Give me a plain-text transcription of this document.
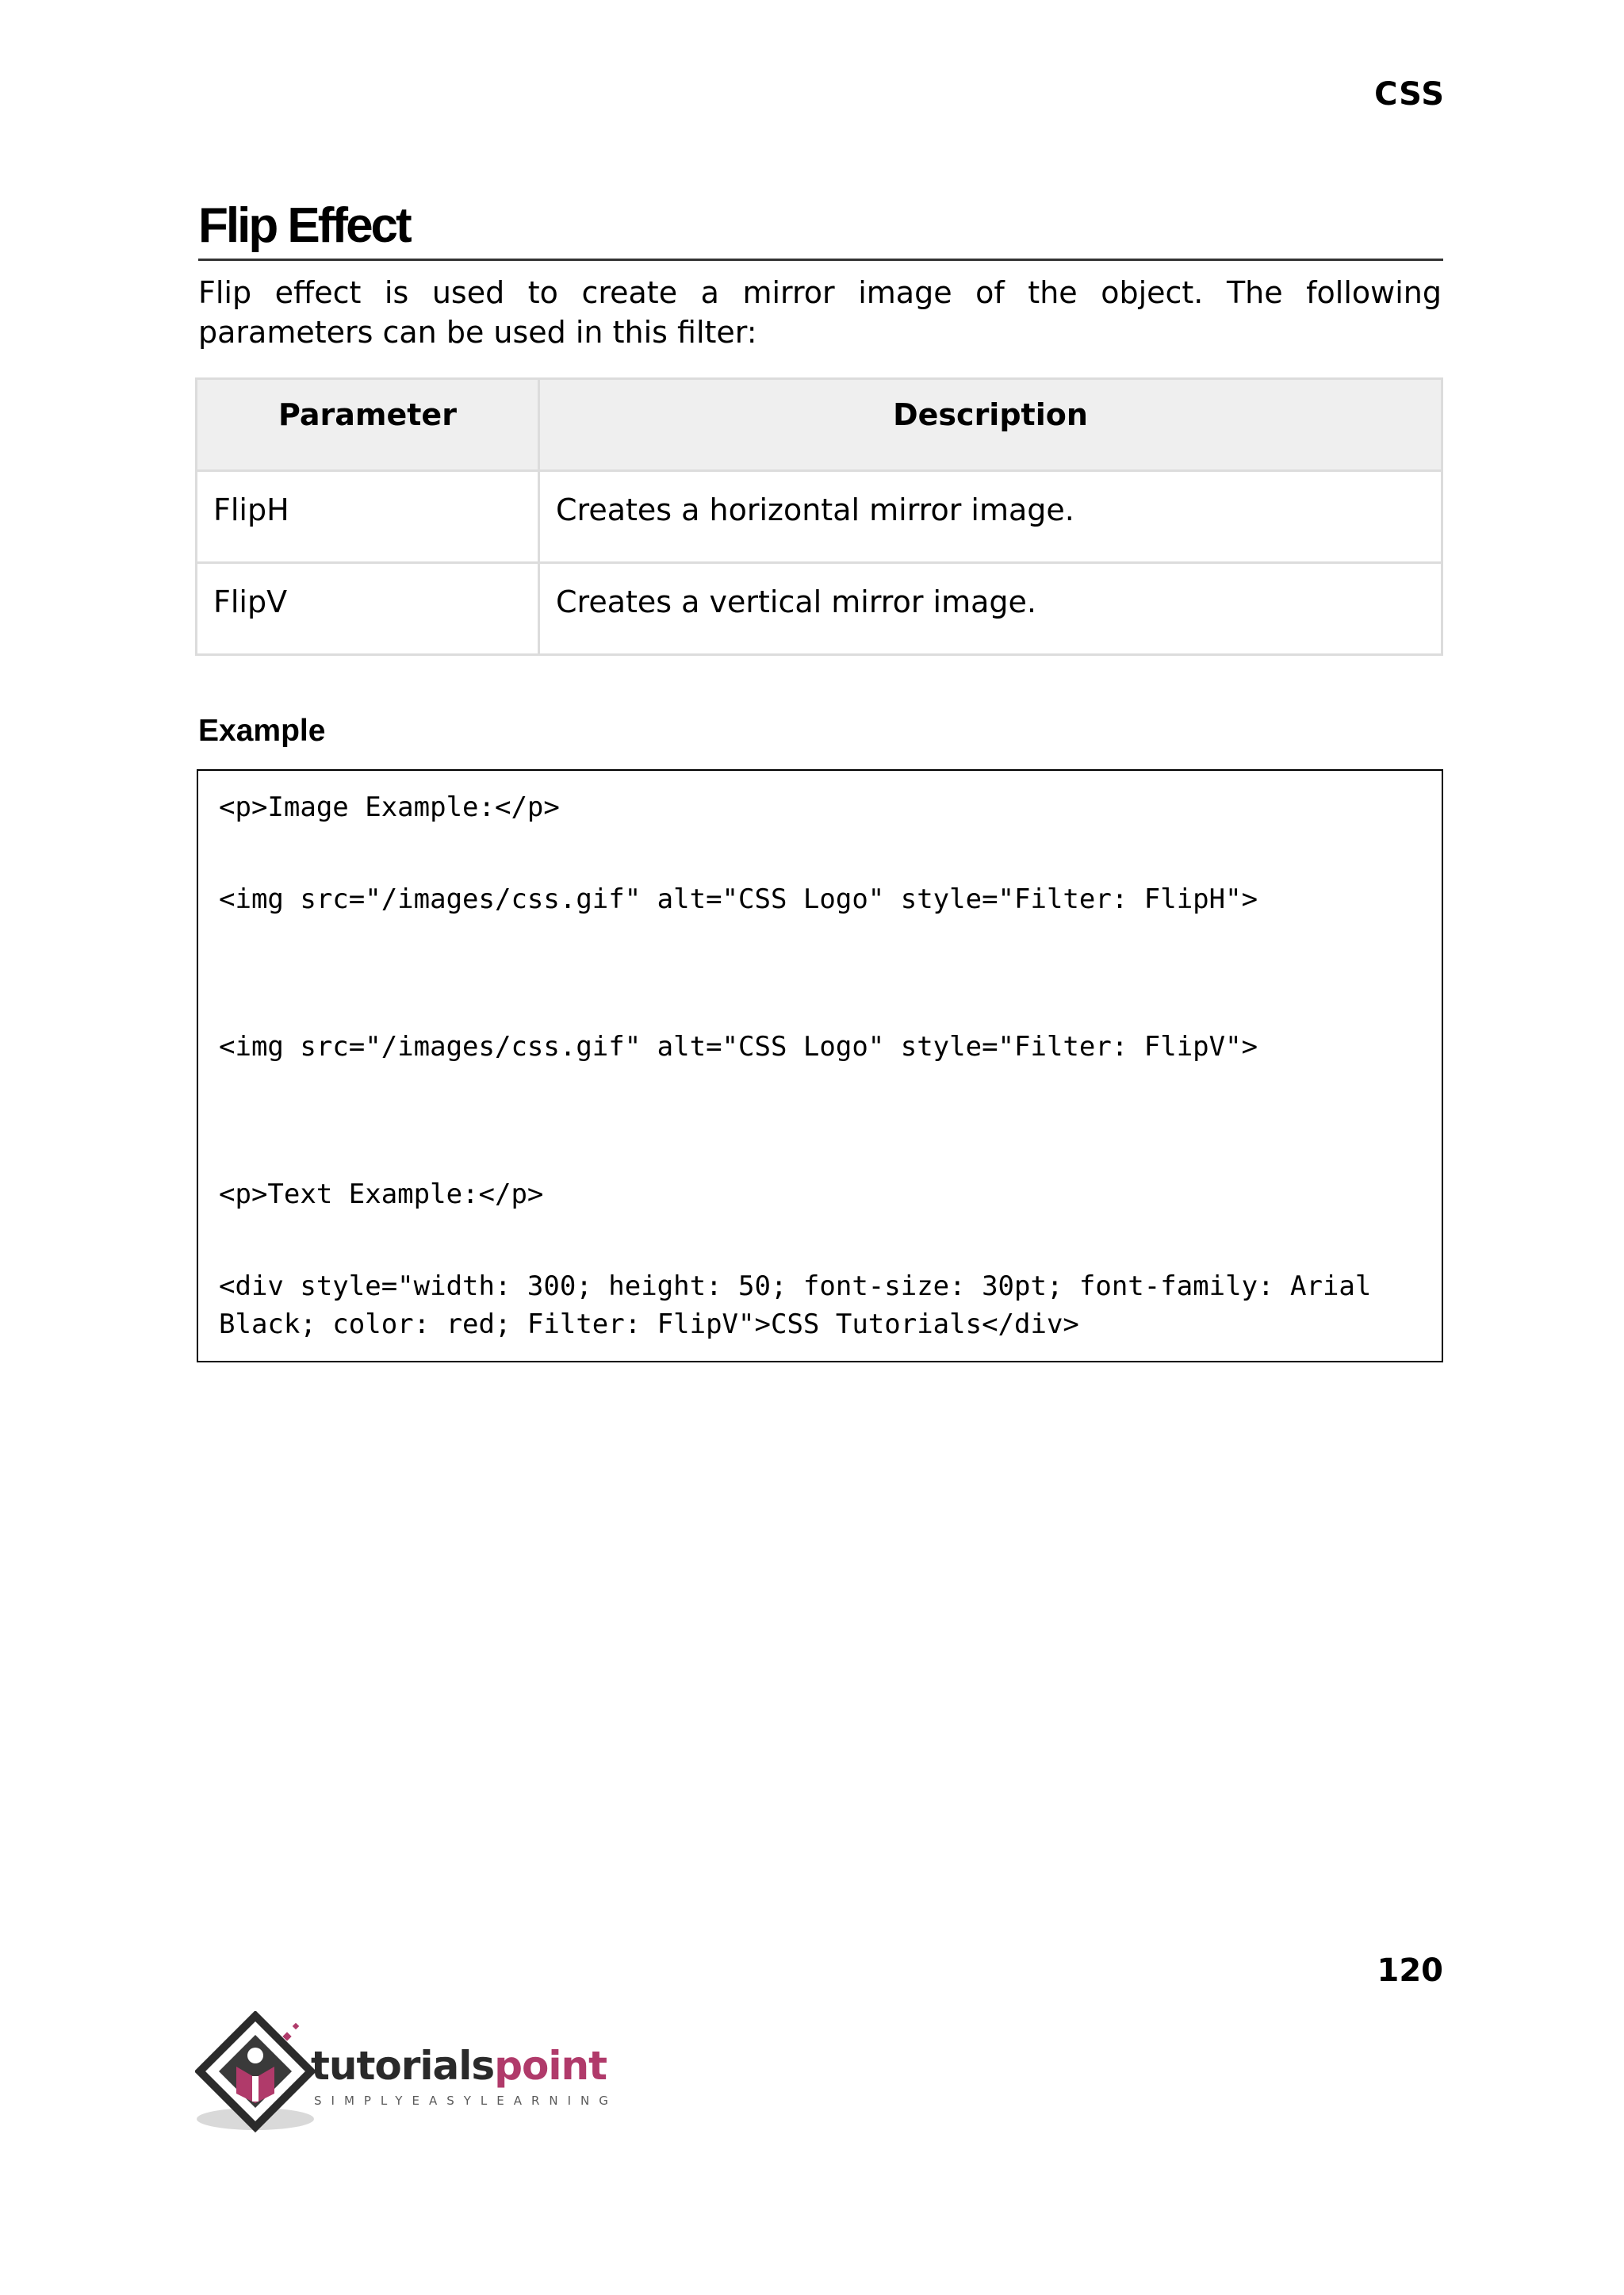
CSS
Flip Effect

Flip effect is used to create a mirror image of the object. The following parameters can be used in this filter:

Parameter	Description
FlipH	Creates a horizontal mirror image.
FlipV	Creates a vertical mirror image.
Example

<p>Image Example:</p>

<img src="/images/css.gif" alt="CSS Logo" style="Filter: FlipH">

<img src="/images/css.gif" alt="CSS Logo" style="Filter: FlipV">

<p>Text Example:</p>

<div style="width: 300; height: 50; font-size: 30pt; font-family: Arial Black; color: red; Filter: FlipV">CSS Tutorials</div>

120
tutorialspoint
SIMPLYEASYLEARNING
